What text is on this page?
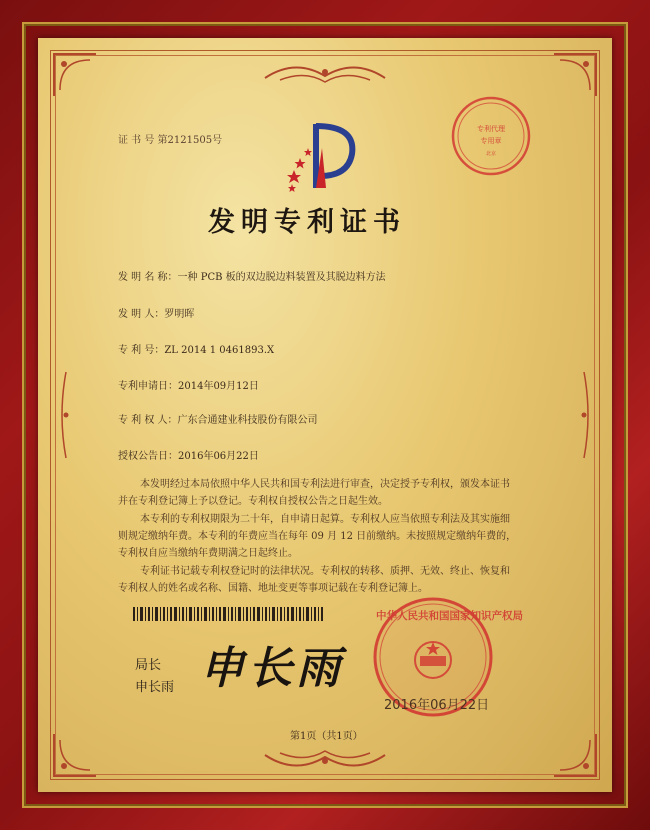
证 书 号 第2121505号
专利代理
专用章
北京
发明专利证书
发 明 名 称：一种 PCB 板的双边脱边料装置及其脱边料方法
发 明 人：罗明晖
专 利 号：ZL 2014 1 0461893.X
专利申请日：2014年09月12日
专 利 权 人：广东合通建业科技股份有限公司
授权公告日：2016年06月22日
本发明经过本局依照中华人民共和国专利法进行审查，决定授予专利权，颁发本证书
并在专利登记簿上予以登记。专利权自授权公告之日起生效。
本专利的专利权期限为二十年，自申请日起算。专利权人应当依照专利法及其实施细
则规定缴纳年费。本专利的年费应当在每年 09 月 12 日前缴纳。未按照规定缴纳年费的，
专利权自应当缴纳年费期满之日起终止。
专利证书记载专利权登记时的法律状况。专利权的转移、质押、无效、终止、恢复和
专利权人的姓名或名称、国籍、地址变更等事项记载在专利登记簿上。
局长
申长雨 申长雨
中华人民共和国国家知识产权局
2016年06月22日
第1页（共1页）
